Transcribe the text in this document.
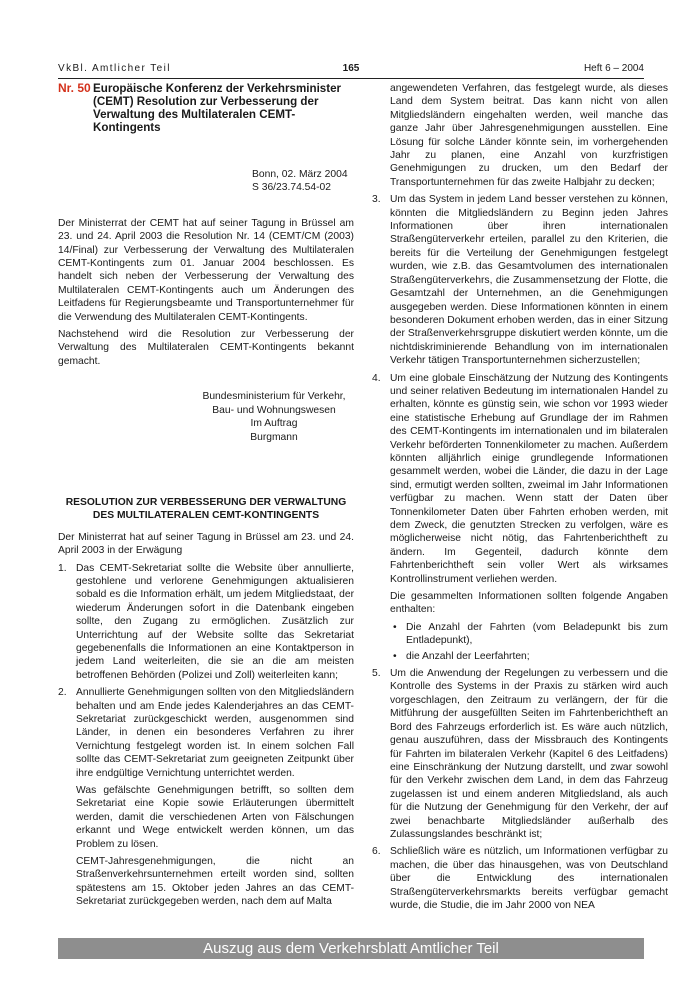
VkBl. Amtlicher Teil	165	Heft 6 – 2004
Nr. 50 Europäische Konferenz der Verkehrsminister (CEMT) Resolution zur Verbesserung der Verwaltung des Multilateralen CEMT-Kontingents
Bonn, 02. März 2004
S 36/23.74.54-02

Der Ministerrat der CEMT hat auf seiner Tagung in Brüssel am 23. und 24. April 2003 die Resolution Nr. 14 (CEMT/CM (2003) 14/Final) zur Verbesserung der Verwaltung des Multilateralen CEMT-Kontingents zum 01. Januar 2004 beschlossen. Es handelt sich neben der Verbesserung der Verwaltung des Multilateralen CEMT-Kontingents auch um Änderungen des Leitfadens für Regierungsbeamte und Transportunternehmer für die Verwendung des Multilateralen CEMT-Kontingents.

Nachstehend wird die Resolution zur Verbesserung der Verwaltung des Multilateralen CEMT-Kontingents bekannt gemacht.

Bundesministerium für Verkehr,
Bau- und Wohnungswesen
Im Auftrag
Burgmann
RESOLUTION ZUR VERBESSERUNG DER VERWALTUNG DES MULTILATERALEN CEMT-KONTINGENTS

Der Ministerrat hat auf seiner Tagung in Brüssel am 23. und 24. April 2003 in der Erwägung

1. Das CEMT-Sekretariat sollte die Website über annullierte, gestohlene und verlorene Genehmigungen aktualisieren sobald es die Information erhält, um jedem Mitgliedstaat, der wiederum Änderungen sofort in die Datenbank eingeben sollte, den Zugang zu ermöglichen. Zusätzlich zur Unterrichtung auf der Website sollte das Sekretariat gegebenenfalls die Informationen an eine Kontaktperson in jedem Land weiterleiten, die sie an die am meisten betroffenen Behörden (Polizei und Zoll) weiterleiten kann;

2. Annullierte Genehmigungen sollten von den Mitgliedsländern behalten und am Ende jedes Kalenderjahres an das CEMT-Sekretariat zurückgeschickt werden, ausgenommen sind Länder, in denen ein besonderes Verfahren zu ihrer Vernichtung festgelegt worden ist. In einem solchen Fall sollte das CEMT-Sekretariat zum geeigneten Zeitpunkt über ihre endgültige Vernichtung unterrichtet werden.

Was gefälschte Genehmigungen betrifft, so sollten dem Sekretariat eine Kopie sowie Erläuterungen übermittelt werden, damit die verschiedenen Arten von Fälschungen erkannt und Wege entwickelt werden können, um das Problem zu lösen.

CEMT-Jahresgenehmigungen, die nicht an Straßenverkehrsunternehmen erteilt worden sind, sollten spätestens am 15. Oktober jeden Jahres an das CEMT-Sekretariat zurückgegeben werden, nach dem auf Malta

angewendeten Verfahren, das festgelegt wurde, als dieses Land dem System beitrat. Das kann nicht von allen Mitgliedsländern eingehalten werden, weil manche das ganze Jahr über Jahresgenehmigungen ausstellen. Eine Lösung für solche Länder könnte sein, im vorhergehenden Jahr zu planen, eine Anzahl von kurzfristigen Genehmigungen zu drucken, um den Bedarf der Transportunternehmen für das zweite Halbjahr zu decken;

3. Um das System in jedem Land besser verstehen zu können, könnten die Mitgliedsländern zu Beginn jeden Jahres Informationen über ihren internationalen Straßengüterverkehr erteilen, parallel zu den Kriterien, die bereits für die Verteilung der Genehmigungen festgelegt wurden, wie z.B. das Gesamtvolumen des internationalen Straßengüterverkehrs, die Zusammensetzung der Flotte, die Gesamtzahl der Unternehmen, an die Genehmigungen ausgegeben werden. Diese Informationen könnten in einem besonderen Dokument erhoben werden, das in einer Sitzung der Straßenverkehrsgruppe diskutiert werden könnte, um die nichtdiskriminierende Behandlung von im internationalen Verkehr tätigen Transportunternehmen sicherzustellen;

4. Um eine globale Einschätzung der Nutzung des Kontingents und seiner relativen Bedeutung im internationalen Handel zu erhalten, könnte es günstig sein, wie schon vor 1993 wieder eine statistische Erhebung auf Grundlage der im Rahmen des CEMT-Kontingents im internationalen und im bilateralen Verkehr beförderten Tonnenkilometer zu machen. Außerdem könnten alljährlich einige grundlegende Informationen gesammelt werden, wobei die Länder, die dazu in der Lage sind, ermutigt werden sollten, zweimal im Jahr Informationen verfügbar zu machen. Wenn statt der Daten über Tonnenkilometer Daten über Fahrten erhoben werden, mit dem Zweck, die genutzten Strecken zu verfolgen, wäre es möglicherweise nicht nötig, das Fahrtenberichtheft zu ändern. Im Gegenteil, dadurch könnte dem Fahrtenberichtheft sein voller Wert als wirksames Kontrollinstrument verliehen werden.

Die gesammelten Informationen sollten folgende Angaben enthalten:

• Die Anzahl der Fahrten (vom Beladepunkt bis zum Entladepunkt),
• die Anzahl der Leerfahrten;
5. Um die Anwendung der Regelungen zu verbessern und die Kontrolle des Systems in der Praxis zu stärken wird auch vorgeschlagen, den Zeitraum zu verlängern, der für die Mitführung der ausgefüllten Seiten im Fahrtenberichtheft an Bord des Fahrzeugs erforderlich ist. Es wäre auch nützlich, genau auszuführen, dass der Missbrauch des Kontingents für Fahrten im bilateralen Verkehr (Kapitel 6 des Leitfadens) eine Einschränkung der Nutzung darstellt, und zwar sowohl für den Verkehr zwischen dem Land, in dem das Fahrzeug zugelassen ist und einem anderen Mitgliedsland, als auch für die Nutzung der Genehmigung für den Verkehr, der auf zwei benachbarte Mitgliedsländer außerhalb des Zulassungslandes beschränkt ist;

6. Schließlich wäre es nützlich, um Informationen verfügbar zu machen, die über das hinausgehen, was von Deutschland über die Entwicklung des internationalen Straßengüterverkehrsmarkts bereits verfügbar gemacht wurde, die Studie, die im Jahr 2000 von NEA

Auszug aus dem Verkehrsblatt Amtlicher Teil
